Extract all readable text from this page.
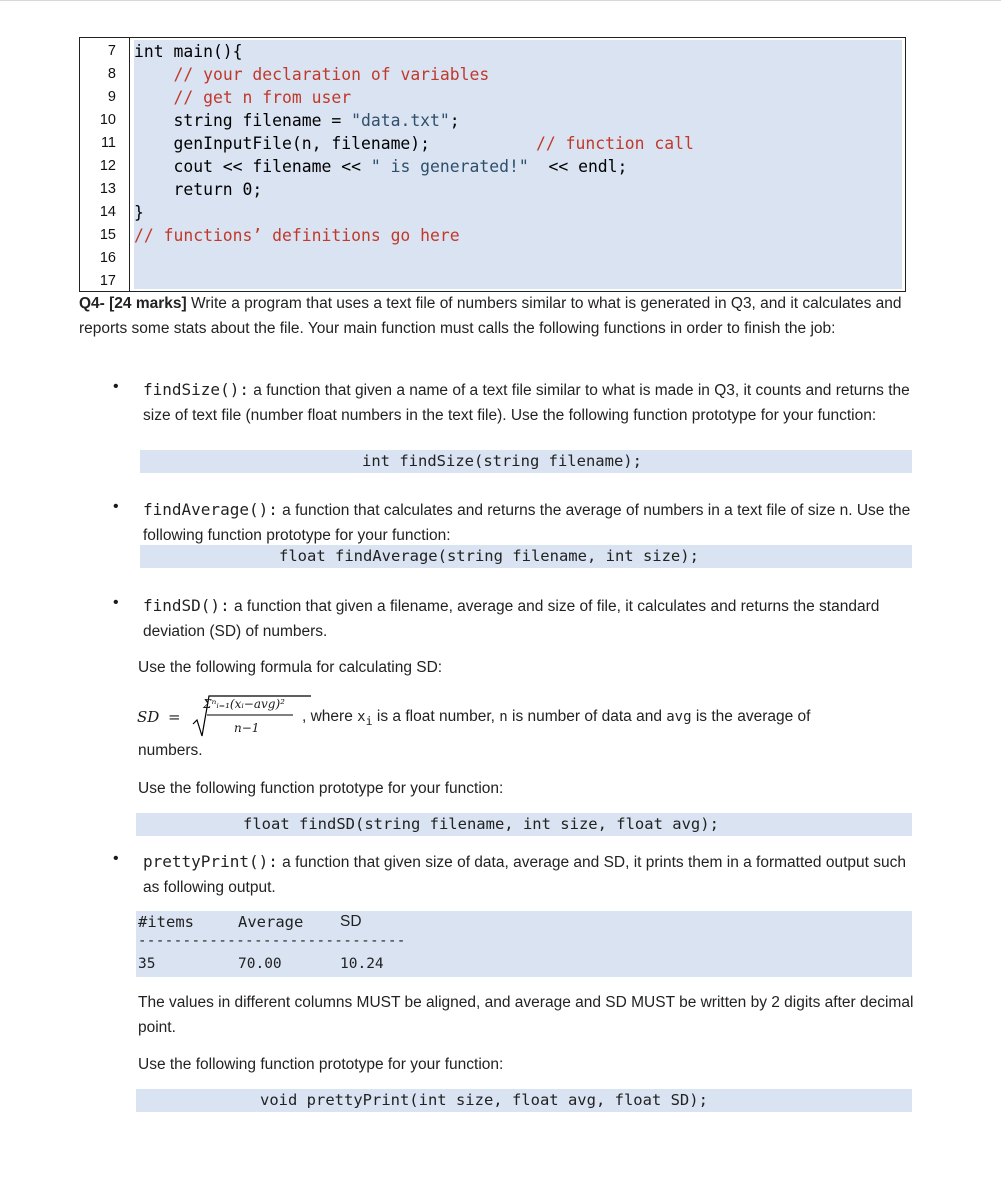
7
8
9
10
11
12
13
14
15
16
17
int main(){
// your declaration of variables
// get n from user
string filename = "data.txt";
genInputFile(n, filename);	// function call
cout << filename << " is generated!"  << endl;
return 0;
}
// functions’ definitions go here
Q4- [24 marks] Write a program that uses a text file of numbers similar to what is generated in Q3, and it calculates and reports some stats about the file. Your main function must calls the following functions in order to finish the job:
• findSize(): a function that given a name of a text file similar to what is made in Q3, it counts and returns the size of text file (number float numbers in the text file). Use the following function prototype for your function:
int findSize(string filename);
• findAverage(): a function that calculates and returns the average of numbers in a text file of size n. Use the following function prototype for your function:
float findAverage(string filename, int size);
• findSD(): a function that given a filename, average and size of file, it calculates and returns the standard deviation (SD) of numbers.
Use the following formula for calculating SD:
SD =
Σⁿᵢ₌₁(xᵢ−avg)²
n−1
, where $x_i$ is a float number, n is number of data and avg is the average of
numbers.
Use the following function prototype for your function:
float findSD(string filename, int size, float avg);
• prettyPrint(): a function that given size of data, average and SD, it prints them in a formatted output such as following output.
#items	Average SD
------------------------------
35	70.00	10.24
The values in different columns MUST be aligned, and average and SD MUST be written by 2 digits after decimal point.
Use the following function prototype for your function:
void prettyPrint(int size, float avg, float SD);
